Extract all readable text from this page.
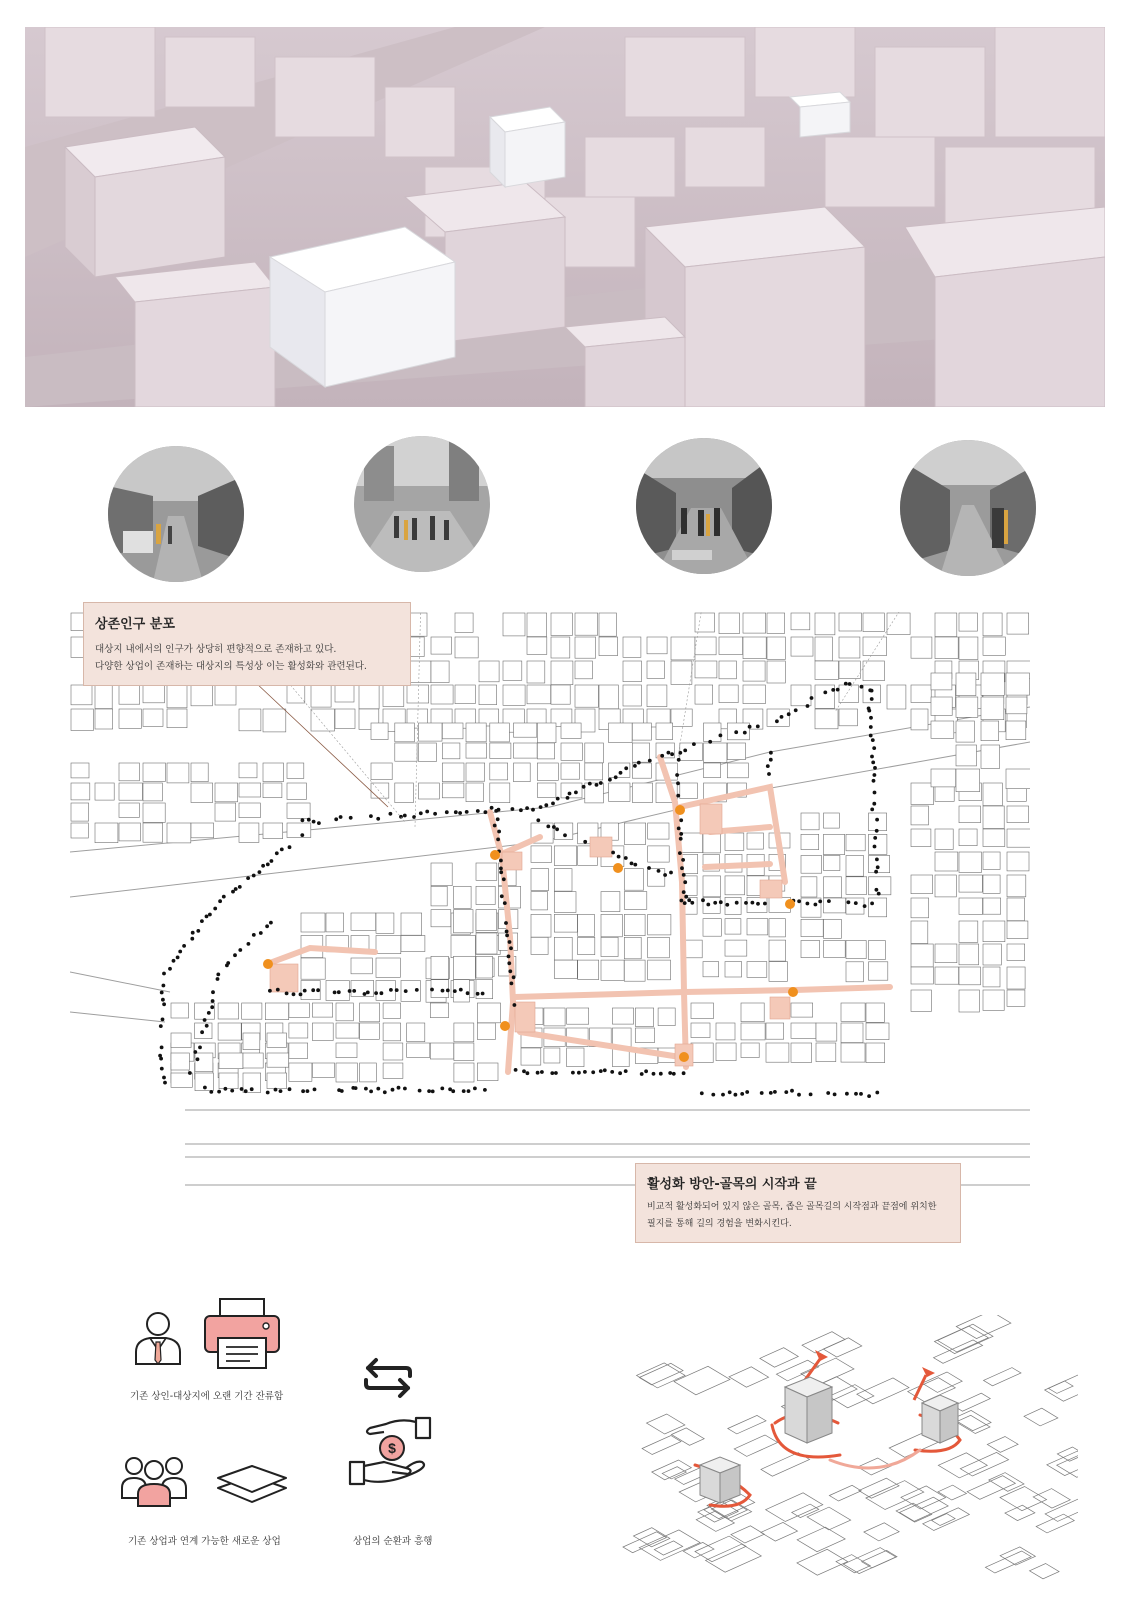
상존인구 분포

대상지 내에서의 인구가 상당히 편향적으로 존재하고 있다.

다양한 상업이 존재하는 대상지의 특성상 이는 활성화와 관련된다.

활성화 방안-골목의 시작과 끝

비교적 활성화되어 있지 않은 골목, 좁은 골목길의 시작점과 끝점에 위치한

필지를 통해 길의 경험을 변화시킨다.

기존 상인-대상지에 오랜 기간 잔류함
$
상업의 순환과 흥행
기존 상업과 연계 가능한 새로운 상업
